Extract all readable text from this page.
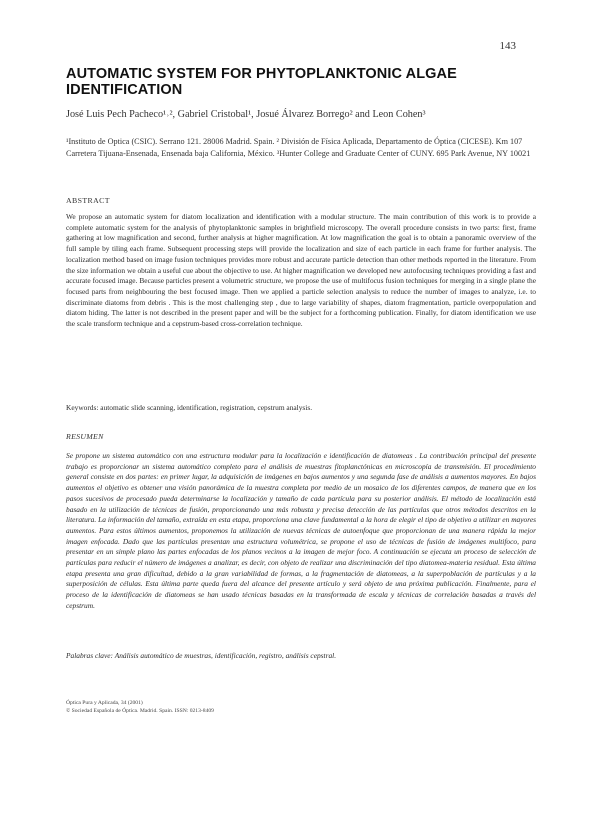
143
AUTOMATIC SYSTEM FOR PHYTOPLANKTONIC ALGAE IDENTIFICATION
José Luis Pech Pacheco¹˒², Gabriel Cristobal¹, Josué Álvarez Borrego² and Leon Cohen³
¹Instituto de Optica (CSIC). Serrano 121. 28006 Madrid. Spain. ² División de Física Aplicada, Departamento de Óptica (CICESE). Km 107 Carretera Tijuana-Ensenada, Ensenada baja California, México. ³Hunter College and Graduate Center of CUNY. 695 Park Avenue, NY 10021
ABSTRACT
We propose an automatic system for diatom localization and identification with a modular structure. The main contribution of this work is to provide a complete automatic system for the analysis of phytoplanktonic samples in brightfield microscopy. The overall procedure consists in two parts: first, frame gathering at low magnification and second, further analysis at higher magnification. At low magnification the goal is to obtain a panoramic overview of the full sample by tiling each frame. Subsequent processing steps will provide the localization and size of each particle in each frame for further analysis. The localization method based on image fusion techniques provides more robust and accurate particle detection than other methods reported in the literature. From the size information we obtain a useful cue about the objective to use. At higher magnification we developed new autofocusing techniques providing a fast and accurate focused image. Because particles present a volumetric structure, we propose the use of multifocus fusion techniques for merging in a single plane the focused parts from neighbouring the best focused image. Then we applied a particle selection analysis to reduce the number of images to analyze, i.e. to discriminate diatoms from debris . This is the most challenging step , due to large variability of shapes, diatom fragmentation, particle overpopulation and diatom hiding. The latter is not described in the present paper and will be the subject for a forthcoming publication. Finally, for diatom identification we use the scale transform technique and a cepstrum-based cross-correlation technique.
Keywords: automatic slide scanning, identification, registration, cepstrum analysis.
RESUMEN
Se propone un sistema automático con una estructura modular para la localización e identificación de diatomeas . La contribución principal del presente trabajo es proporcionar un sistema automático completo para el análisis de muestras fitoplanctónicas en microscopía de transmisión. El procedimiento general consiste en dos partes: en primer lugar, la adquisición de imágenes en bajos aumentos y una segunda fase de análisis a aumentos mayores. En bajos aumentos el objetivo es obtener una visión panorámica de la muestra completa por medio de un mosaico de los diferentes campos, de manera que en los pasos sucesivos de procesado pueda determinarse la localización y tamaño de cada partícula para su posterior análisis. El método de localización está basado en la utilización de técnicas de fusión, proporcionando una más robusta y precisa detección de las partículas que otros métodos descritos en la literatura. La información del tamaño, extraída en esta etapa, proporciona una clave fundamental a la hora de elegir el tipo de objetivo a utilizar en mayores aumentos. Para estos últimos aumentos, proponemos la utilización de nuevas técnicas de autoenfoque que proporcionan de una manera rápida la mejor imagen enfocada. Dado que las partículas presentan una estructura volumétrica, se propone el uso de técnicas de fusión de imágenes multifoco, para presentar en un simple plano las partes enfocadas de los planos vecinos a la imagen de mejor foco. A continuación se ejecuta un proceso de selección de partículas para reducir el número de imágenes a analizar, es decir, con objeto de realizar una discriminación del tipo diatomea-materia residual. Esta última etapa presenta una gran dificultad, debido a la gran variabilidad de formas, a la fragmentación de diatomeas, a la superpoblación de partículas y a la superposición de células. Esta última parte queda fuera del alcance del presente artículo y será objeto de una próxima publicación. Finalmente, para el proceso de la identificación de diatomeas se han usado técnicas basadas en la transformada de escala y técnicas de correlación basadas a través del cepstrum.
Palabras clave: Análisis automático de muestras, identificación, registro, análisis cepstral.
Óptica Pura y Aplicada, 34 (2001)
© Sociedad Española de Óptica. Madrid. Spain. ISSN: 0213-8409
